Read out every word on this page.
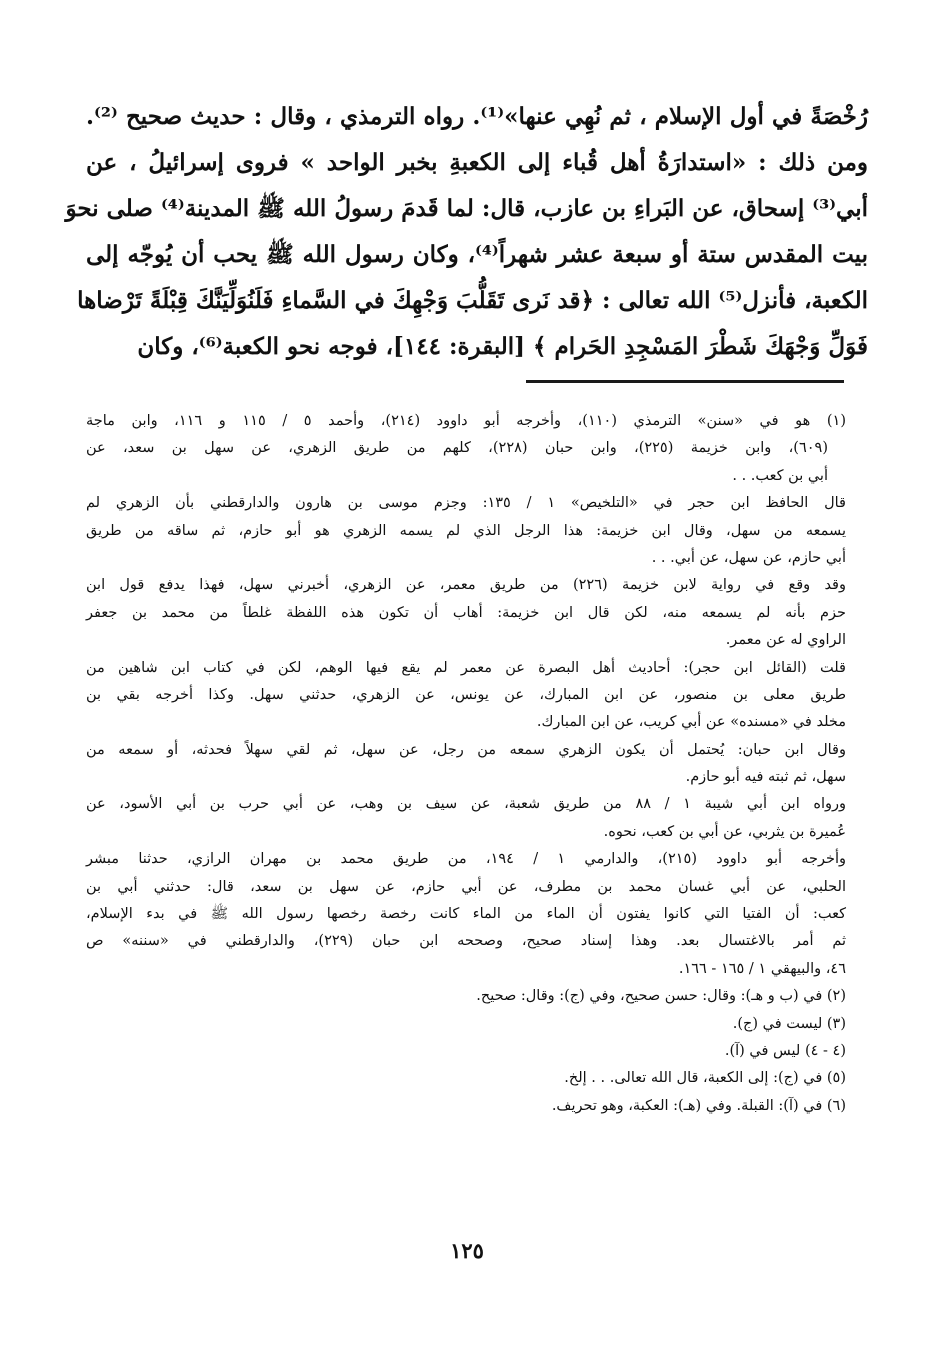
رُخْصَةً في أول الإسلام ، ثم نُهِي عنها»⁽¹⁾. رواه الترمذي ، وقال : حديث صحيح ⁽²⁾.
ومن ذلك : «استدارَةُ أهل قُباء إلى الكعبةِ بخبر الواحد » فروى إسرائيلُ ، عن
أبي⁽³⁾ إسحاق، عن البَراءِ بن عازب، قال: لما قَدمَ رسولُ الله ﷺ المدينة⁽⁴⁾ صلى نحوَ
بيت المقدس ستة أو سبعة عشر شهراً⁽⁴⁾، وكان رسول الله ﷺ يحب أن يُوجّه إلى
الكعبة، فأنزل⁽⁵⁾ الله تعالى : ﴿قد نَرى تَقَلُّبَ وَجْهِكَ في السَّماءِ فَلَنُوَلِّيَنَّكَ قِبْلَةً تَرْضاها
فَوَلِّ وَجْهَكَ شَطْرَ المَسْجِدِ الحَرام ﴾ [البقرة: ١٤٤]، فوجه نحو الكعبة⁽⁶⁾، وكان
(١) هو في «سنن» الترمذي (١١٠)، وأخرجه أبو داوود (٢١٤)، وأحمد ٥ / ١١٥ و ١١٦، وابن ماجة
(٦٠٩)، وابن خزيمة (٢٢٥)، وابن حبان (٢٢٨)، كلهم من طريق الزهري، عن سهل بن سعد، عن
أبي بن كعب. . .
قال الحافظ ابن حجر في «التلخيص» ١ / ١٣٥: وجزم موسى بن هارون والدارقطني بأن الزهري لم
يسمعه من سهل، وقال ابن خزيمة: هذا الرجل الذي لم يسمه الزهري هو أبو حازم، ثم ساقه من طريق
أبي حازم، عن سهل، عن أبي. . .
وقد وقع في رواية لابن خزيمة (٢٢٦) من طريق معمر، عن الزهري، أخبرني سهل، فهذا يدفع قول ابن
حزم بأنه لم يسمعه منه، لكن قال ابن خزيمة: أهاب أن تكون هذه اللفظة غلطاً من محمد بن جعفر
الراوي له عن معمر.
قلت (القائل ابن حجر): أحاديث أهل البصرة عن معمر لم يقع فيها الوهم، لكن في كتاب ابن شاهين من
طريق معلى بن منصور، عن ابن المبارك، عن يونس، عن الزهري، حدثني سهل. وكذا أخرجه بقي بن
مخلد في «مسنده» عن أبي كريب، عن ابن المبارك.
وقال ابن حبان: يُحتمل أن يكون الزهري سمعه من رجل، عن سهل، ثم لقي سهلاً فحدثه، أو سمعه من
سهل، ثم ثبته فيه أبو حازم.
ورواه ابن أبي شيبة ١ / ٨٨ من طريق شعبة، عن سيف بن وهب، عن أبي حرب بن أبي الأسود، عن
عُميرة بن يثربي، عن أبي بن كعب، نحوه.
وأخرجه أبو داوود (٢١٥)، والدارمي ١ / ١٩٤، من طريق محمد بن مهران الرازي، حدثنا مبشر
الحلبي، عن أبي غسان محمد بن مطرف، عن أبي حازم، عن سهل بن سعد، قال: حدثني أبي بن
كعب: أن الفتيا التي كانوا يفتون أن الماء من الماء كانت رخصة رخصها رسول الله ﷺ في بدء الإسلام،
ثم أمر بالاغتسال بعد. وهذا إسناد صحيح، وصححه ابن حبان (٢٢٩)، والدارقطني في «سننه» ص
٤٦، والبيهقي ١ / ١٦٥ - ١٦٦.
(٢) في (ب و هـ): وقال: حسن صحيح، وفي (ج): وقال: صحيح.
(٣) ليست في (ج).
(٤ - ٤) ليس في (آ).
(٥) في (ج): إلى الكعبة، قال الله تعالى. . . إلخ.
(٦) في (آ): القبلة. وفي (هـ): العكبة، وهو تحريف.
١٢٥
